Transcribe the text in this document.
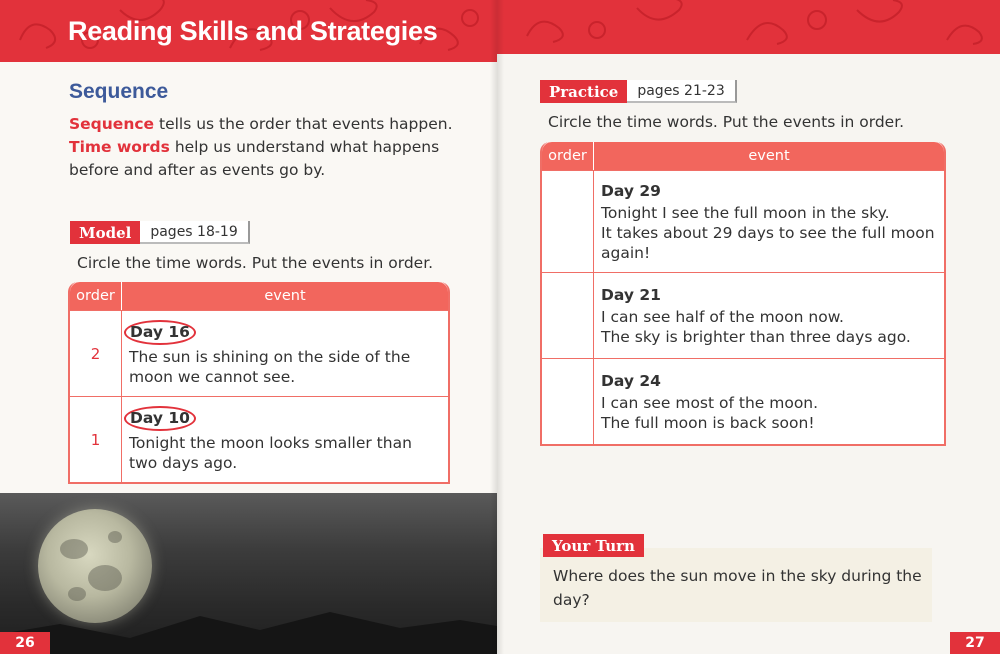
Reading Skills and Strategies
Sequence
Sequence tells us the order that events happen. Time words help us understand what happens before and after as events go by.
Model	pages 18-19
Circle the time words. Put the events in order.
order	event
2	Day 16
The sun is shining on the side of the moon we cannot see.
1	Day 10
Tonight the moon looks smaller than two days ago.
26
Practice	pages 21-23
Circle the time words. Put the events in order.
order	event
	Day 29
Tonight I see the full moon in the sky.
It takes about 29 days to see the full moon again!
	Day 21
I can see half of the moon now.
The sky is brighter than three days ago.
	Day 24
I can see most of the moon.
The full moon is back soon!
Your Turn
Where does the sun move in the sky during the day?
27
